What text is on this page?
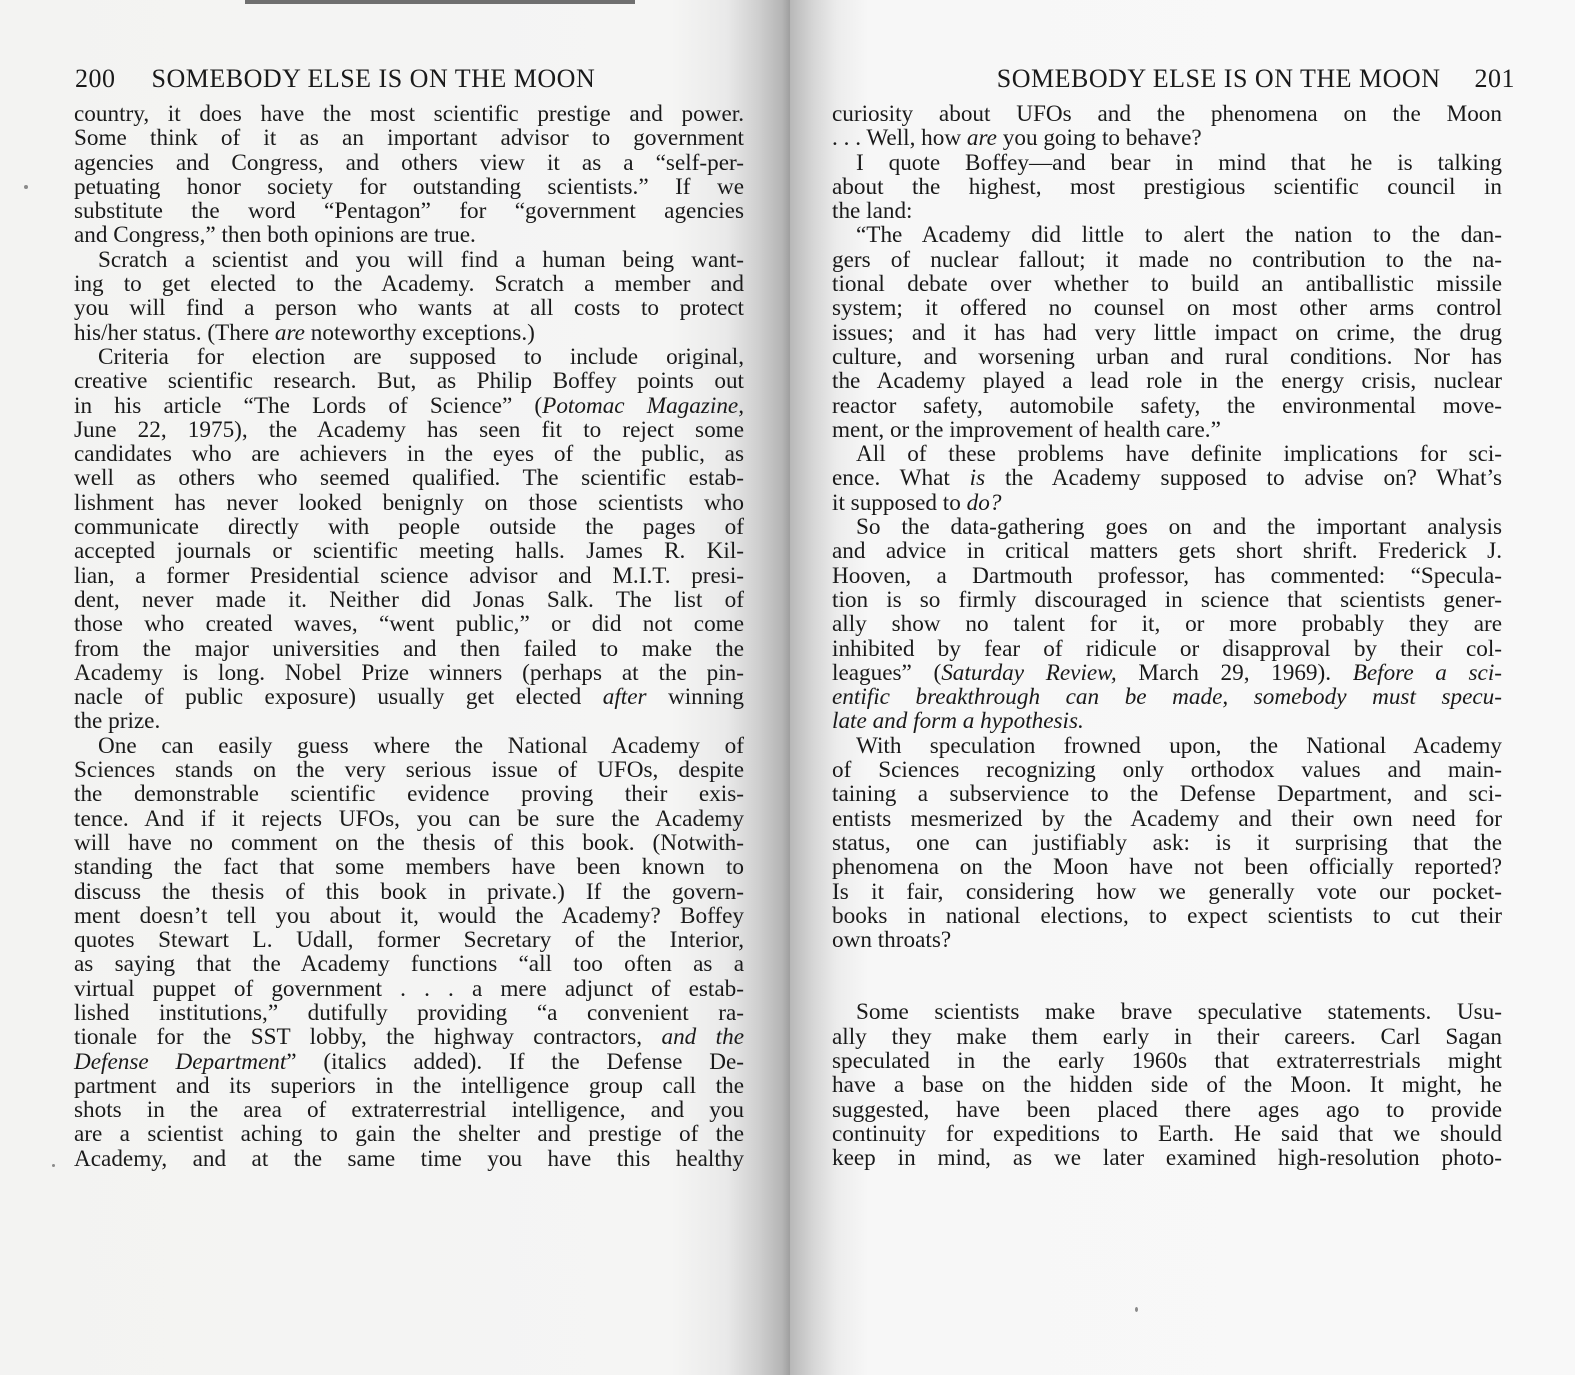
200 SOMEBODY ELSE IS ON THE MOON
country, it does have the most scientific prestige and power.
Some think of it as an important advisor to government
agencies and Congress, and others view it as a “self-per-
petuating honor society for outstanding scientists.” If we
substitute the word “Pentagon” for “government agencies
and Congress,” then both opinions are true.
Scratch a scientist and you will find a human being want-
ing to get elected to the Academy. Scratch a member and
you will find a person who wants at all costs to protect
his/her status. (There are noteworthy exceptions.)
Criteria for election are supposed to include original,
creative scientific research. But, as Philip Boffey points out
in his article “The Lords of Science” (Potomac Magazine,
June 22, 1975), the Academy has seen fit to reject some
candidates who are achievers in the eyes of the public, as
well as others who seemed qualified. The scientific estab-
lishment has never looked benignly on those scientists who
communicate directly with people outside the pages of
accepted journals or scientific meeting halls. James R. Kil-
lian, a former Presidential science advisor and M.I.T. presi-
dent, never made it. Neither did Jonas Salk. The list of
those who created waves, “went public,” or did not come
from the major universities and then failed to make the
Academy is long. Nobel Prize winners (perhaps at the pin-
nacle of public exposure) usually get elected after winning
the prize.
One can easily guess where the National Academy of
Sciences stands on the very serious issue of UFOs, despite
the demonstrable scientific evidence proving their exis-
tence. And if it rejects UFOs, you can be sure the Academy
will have no comment on the thesis of this book. (Notwith-
standing the fact that some members have been known to
discuss the thesis of this book in private.) If the govern-
ment doesn’t tell you about it, would the Academy? Boffey
quotes Stewart L. Udall, former Secretary of the Interior,
as saying that the Academy functions “all too often as a
virtual puppet of government . . . a mere adjunct of estab-
lished institutions,” dutifully providing “a convenient ra-
tionale for the SST lobby, the highway contractors, and the
Defense Department” (italics added). If the Defense De-
partment and its superiors in the intelligence group call the
shots in the area of extraterrestrial intelligence, and you
are a scientist aching to gain the shelter and prestige of the
Academy, and at the same time you have this healthy
SOMEBODY ELSE IS ON THE MOON 201
curiosity about UFOs and the phenomena on the Moon
. . . Well, how are you going to behave?
I quote Boffey—and bear in mind that he is talking
about the highest, most prestigious scientific council in
the land:
“The Academy did little to alert the nation to the dan-
gers of nuclear fallout; it made no contribution to the na-
tional debate over whether to build an antiballistic missile
system; it offered no counsel on most other arms control
issues; and it has had very little impact on crime, the drug
culture, and worsening urban and rural conditions. Nor has
the Academy played a lead role in the energy crisis, nuclear
reactor safety, automobile safety, the environmental move-
ment, or the improvement of health care.”
All of these problems have definite implications for sci-
ence. What is the Academy supposed to advise on? What’s
it supposed to do?
So the data-gathering goes on and the important analysis
and advice in critical matters gets short shrift. Frederick J.
Hooven, a Dartmouth professor, has commented: “Specula-
tion is so firmly discouraged in science that scientists gener-
ally show no talent for it, or more probably they are
inhibited by fear of ridicule or disapproval by their col-
leagues” (Saturday Review, March 29, 1969). Before a sci-
entific breakthrough can be made, somebody must specu-
late and form a hypothesis.
With speculation frowned upon, the National Academy
of Sciences recognizing only orthodox values and main-
taining a subservience to the Defense Department, and sci-
entists mesmerized by the Academy and their own need for
status, one can justifiably ask: is it surprising that the
phenomena on the Moon have not been officially reported?
Is it fair, considering how we generally vote our pocket-
books in national elections, to expect scientists to cut their
own throats?
Some scientists make brave speculative statements. Usu-
ally they make them early in their careers. Carl Sagan
speculated in the early 1960s that extraterrestrials might
have a base on the hidden side of the Moon. It might, he
suggested, have been placed there ages ago to provide
continuity for expeditions to Earth. He said that we should
keep in mind, as we later examined high-resolution photo-
